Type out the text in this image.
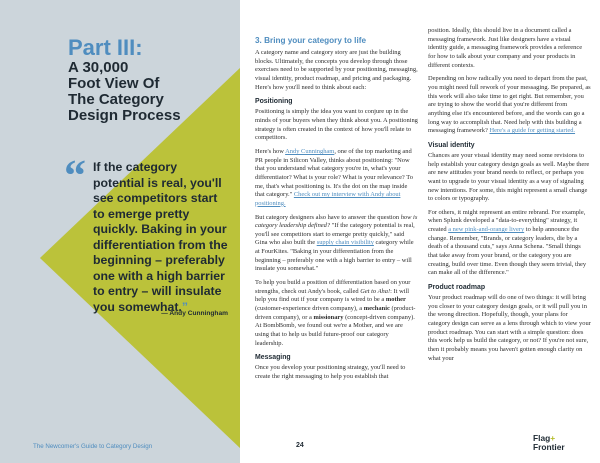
Part III:
A 30,000
Foot View Of
The Category
Design Process
“ If the category potential is real, you'll see competitors start to emerge pretty quickly. Baking in your differentiation from the beginning – preferably one with a high barrier to entry – will insulate you somewhat.”
— Andy Cunningham
3. Bring your category to life

A category name and category story are just the building blocks. Ultimately, the concepts you develop through those exercises need to be supported by your positioning, messaging, visual identity, product roadmap, and pricing and packaging. Here's how you'll need to think about each:

Positioning

Positioning is simply the idea you want to conjure up in the minds of your buyers when they think about you. A positioning strategy is often created in the context of how you'll relate to competitors.

Here's how Andy Cunningham, one of the top marketing and PR people in Silicon Valley, thinks about positioning: "Now that you understand what category you're in, what's your differentiator? What is your role? What is your relevance? To me, that's what positioning is. It's the dot on the map inside that category." Check out my interview with Andy about positioning.

But category designers also have to answer the question how is category leadership defined? "If the category potential is real, you'll see competitors start to emerge pretty quickly," said Gina who also built the supply chain visibility category while at FourKites. "Baking in your differentiation from the beginning – preferably one with a high barrier to entry – will insulate you somewhat."

To help you build a position of differentiation based on your strengths, check out Andy's book, called Get to Aha!: It will help you find out if your company is wired to be a mother (customer-experience driven company), a mechanic (product-driven company), or a missionary (concept-driven company). At BombBomb, we found out we're a Mother, and we are using that to help us build future-proof our category leadership.

Messaging

Once you develop your positioning strategy, you'll need to create the right messaging to help you establish that

position. Ideally, this should live in a document called a messaging framework. Just like designers have a visual identity guide, a messaging framework provides a reference for how to talk about your company and your products in different contexts.

Depending on how radically you need to depart from the past, you might need full rework of your messaging. Be prepared, as this work will also take time to get right. But remember, you are trying to show the world that you're different from anything else it's encountered before, and the words can go a long way to accomplish that. Need help with this building a messaging framework? Here's a guide for getting started.

Visual identity

Chances are your visual identity may need some revisions to help establish your category design goals as well. Maybe there are new attitudes your brand needs to reflect, or perhaps you want to upgrade to your visual identity as a way of signaling new intentions. For some, this might represent a small change to colors or typography.

For others, it might represent an entire rebrand. For example, when Splunk developed a "data-to-everything" strategy, it created a new pink-and-orange livery to help announce the change. Remember, "Brands, or category leaders, die by a death of a thousand cuts," says Anna Schena. "Small things that take away from your brand, or the category you are creating, build over time. Even though they seem trivial, they can make all of the difference."

Product roadmap

Your product roadmap will do one of two things: it will bring you closer to your category design goals, or it will pull you in the wrong direction. Hopefully, though, your plans for category design can serve as a lens through which to view your product roadmap. You can start with a simple question: does this work help us build the category, or not? If you're not sure, then it probably means you haven't gotten enough clarity on what your

The Newcomer's Guide to Category Design	24
Flag+
Frontier
